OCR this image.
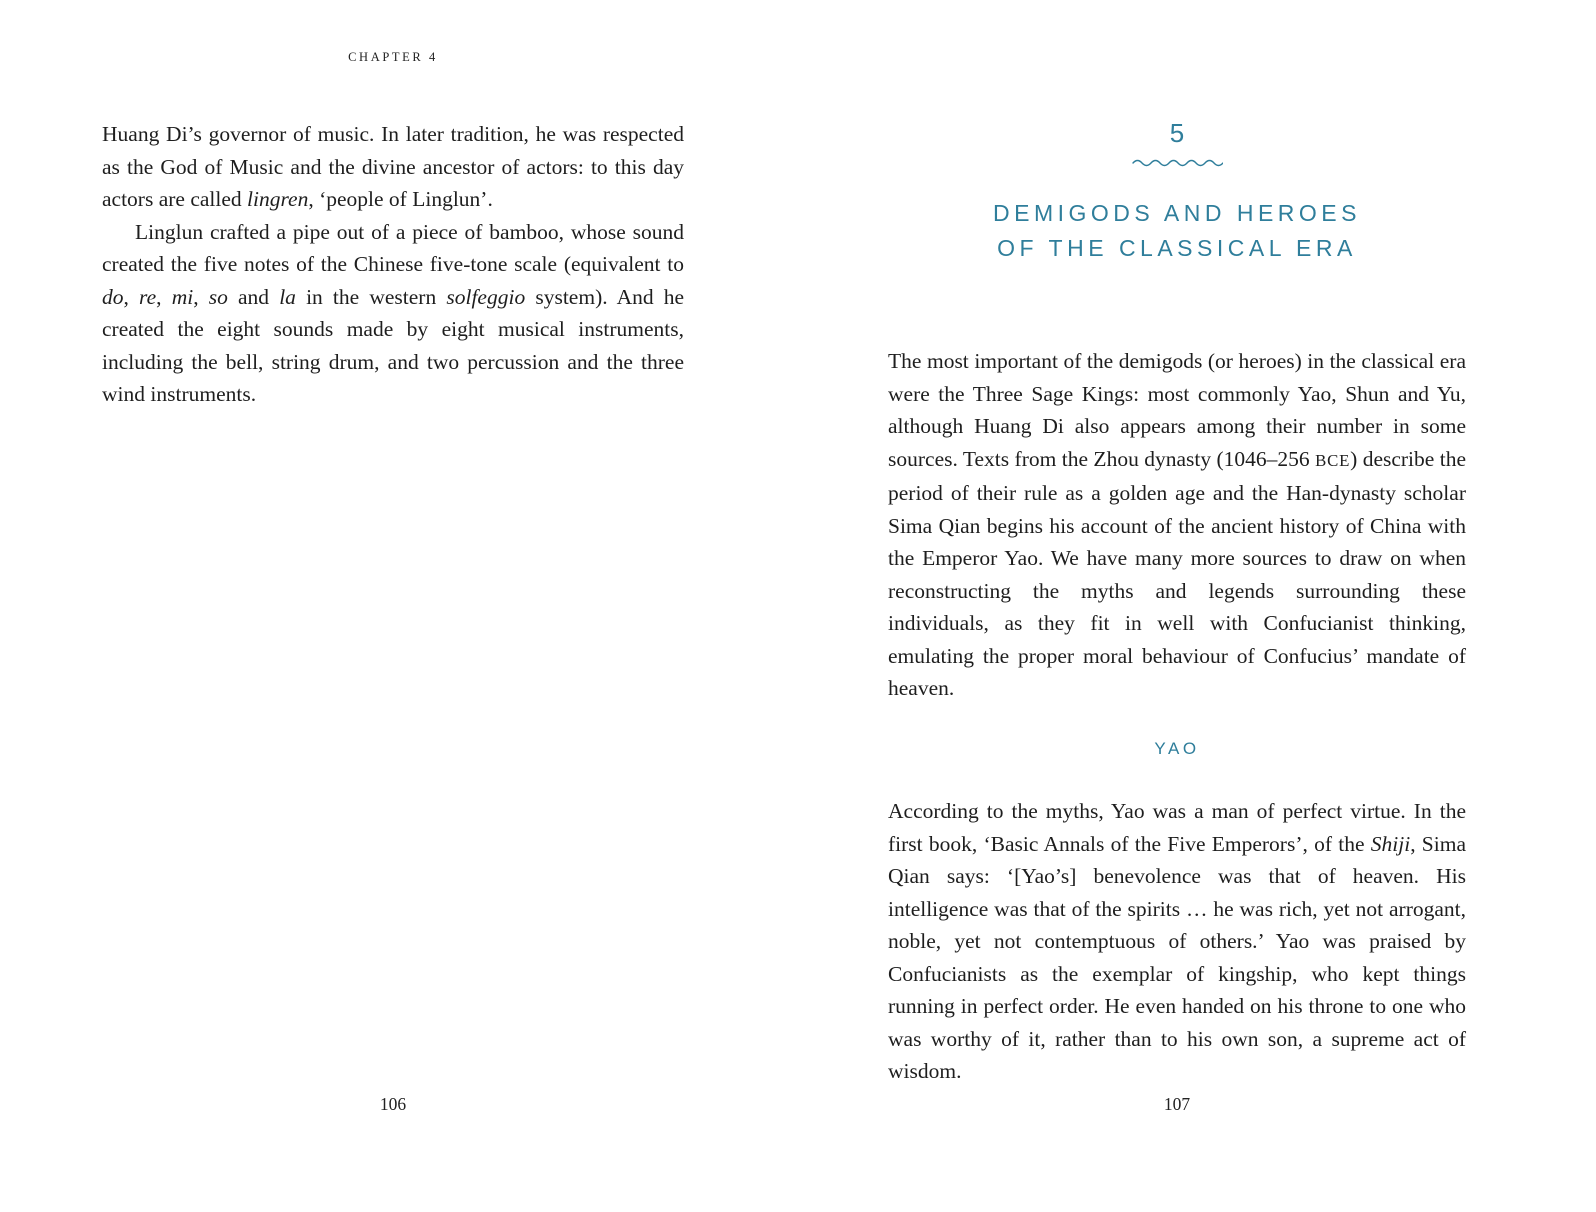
CHAPTER 4

Huang Di’s governor of music. In later tradition, he was respected as the God of Music and the divine ancestor of actors: to this day actors are called lingren, ‘people of Linglun’.

Linglun crafted a pipe out of a piece of bamboo, whose sound created the five notes of the Chinese five-tone scale (equivalent to do, re, mi, so and la in the western solfeggio system). And he created the eight sounds made by eight musical instruments, including the bell, string drum, and two percussion and the three wind instruments.

106
5
DEMIGODS AND HEROES
OF THE CLASSICAL ERA

The most important of the demigods (or heroes) in the classical era were the Three Sage Kings: most commonly Yao, Shun and Yu, although Huang Di also appears among their number in some sources. Texts from the Zhou dynasty (1046–256 BCE) describe the period of their rule as a golden age and the Han-dynasty scholar Sima Qian begins his account of the ancient history of China with the Emperor Yao. We have many more sources to draw on when reconstructing the myths and legends surrounding these individuals, as they fit in well with Confucianist thinking, emulating the proper moral behaviour of Confucius’ mandate of heaven.

YAO

According to the myths, Yao was a man of perfect virtue. In the first book, ‘Basic Annals of the Five Emperors’, of the Shiji, Sima Qian says: ‘[Yao’s] benevolence was that of heaven. His intelligence was that of the spirits … he was rich, yet not arrogant, noble, yet not contemptuous of others.’ Yao was praised by Confucianists as the exemplar of kingship, who kept things running in perfect order. He even handed on his throne to one who was worthy of it, rather than to his own son, a supreme act of wisdom.

107
